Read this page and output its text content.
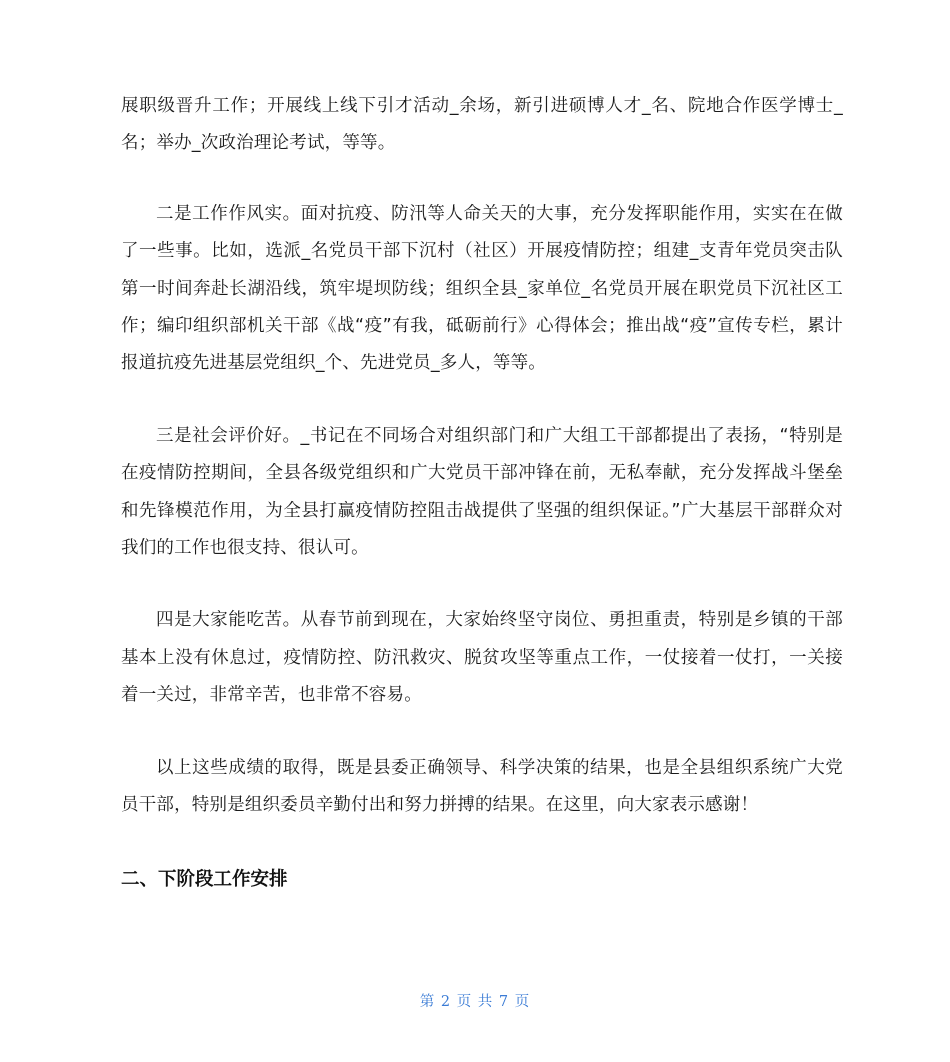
展职级晋升工作；开展线上线下引才活动_余场，新引进硕博人才_名、院地合作医学博士_名；举办_次政治理论考试，等等。

二是工作作风实。面对抗疫、防汛等人命关天的大事，充分发挥职能作用，实实在在做了一些事。比如，选派_名党员干部下沉村（社区）开展疫情防控；组建_支青年党员突击队第一时间奔赴长湖沿线，筑牢堤坝防线；组织全县_家单位_名党员开展在职党员下沉社区工作；编印组织部机关干部《战“疫”有我，砥砺前行》心得体会；推出战“疫”宣传专栏，累计报道抗疫先进基层党组织_个、先进党员_多人，等等。

三是社会评价好。_书记在不同场合对组织部门和广大组工干部都提出了表扬，“特别是在疫情防控期间，全县各级党组织和广大党员干部冲锋在前，无私奉献，充分发挥战斗堡垒和先锋模范作用，为全县打赢疫情防控阻击战提供了坚强的组织保证。”广大基层干部群众对我们的工作也很支持、很认可。

四是大家能吃苦。从春节前到现在，大家始终坚守岗位、勇担重责，特别是乡镇的干部基本上没有休息过，疫情防控、防汛救灾、脱贫攻坚等重点工作，一仗接着一仗打，一关接着一关过，非常辛苦，也非常不容易。

以上这些成绩的取得，既是县委正确领导、科学决策的结果，也是全县组织系统广大党员干部，特别是组织委员辛勤付出和努力拼搏的结果。在这里，向大家表示感谢！

二、下阶段工作安排
第 2 页 共 7 页
